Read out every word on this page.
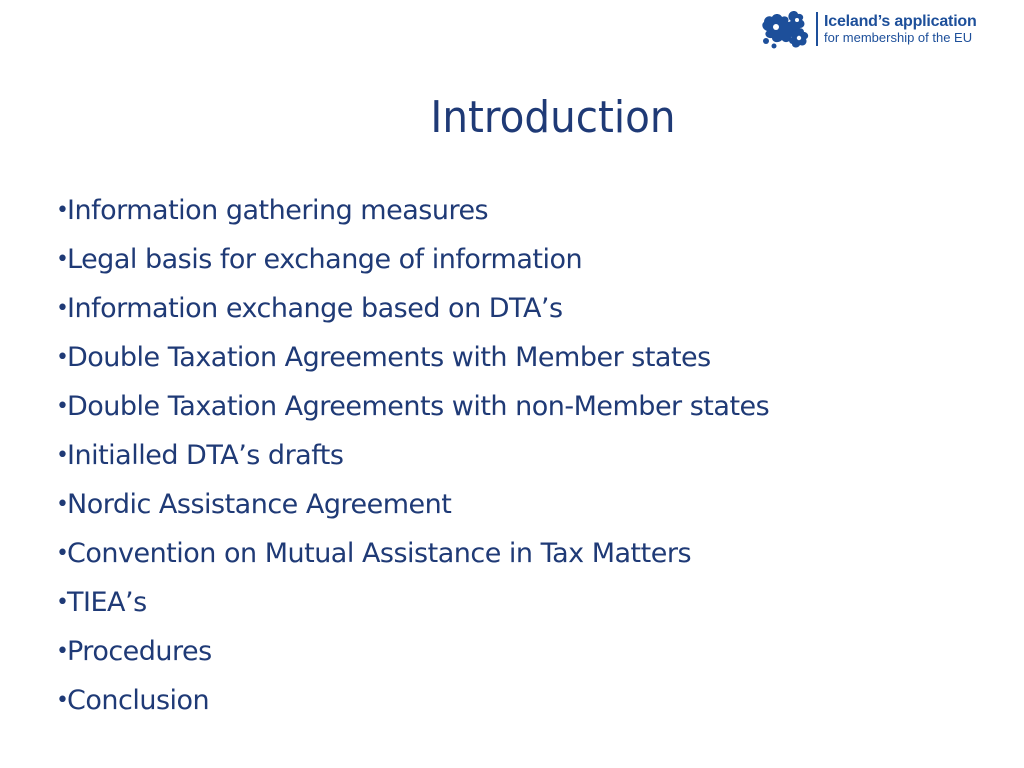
Iceland’s application
for membership of the EU
Introduction
•
Information gathering measures
•
Legal basis for exchange of information
•
Information exchange based on DTA’s
•
Double Taxation Agreements with Member states
•
Double Taxation Agreements with non-Member states
•
Initialled DTA’s drafts
•
Nordic Assistance Agreement
•
Convention on Mutual Assistance in Tax Matters
•
TIEA’s
•
Procedures
•
Conclusion
